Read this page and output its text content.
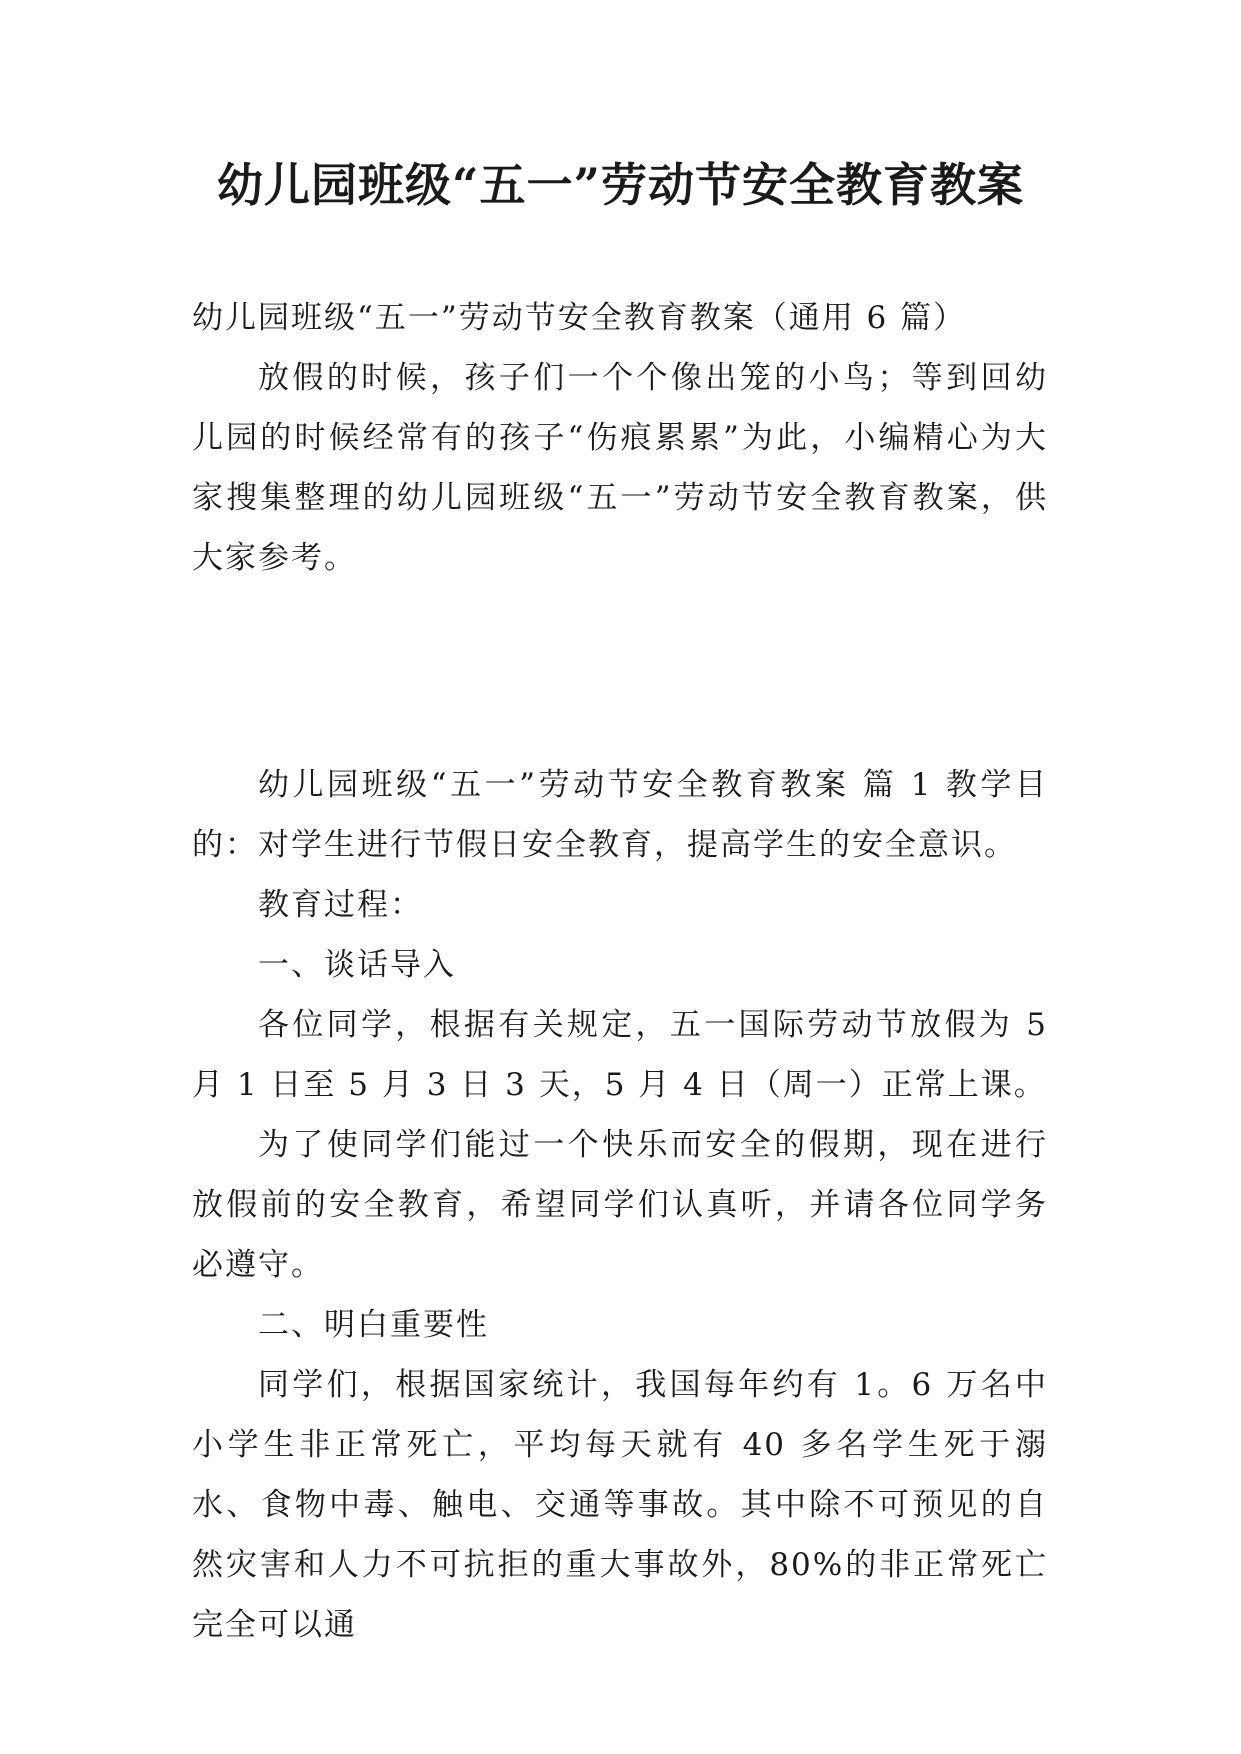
幼儿园班级“五一”劳动节安全教育教案

幼儿园班级“五一”劳动节安全教育教案（通用 6 篇）

放假的时候，孩子们一个个像出笼的小鸟；等到回幼儿园的时候经常有的孩子“伤痕累累”为此，小编精心为大家搜集整理的幼儿园班级“五一”劳动节安全教育教案，供大家参考。

幼儿园班级“五一”劳动节安全教育教案 篇 1 教学目的：对学生进行节假日安全教育，提高学生的安全意识。

教育过程：

一、谈话导入

各位同学，根据有关规定，五一国际劳动节放假为 5 月 1 日至 5 月 3 日 3 天，5 月 4 日（周一）正常上课。

为了使同学们能过一个快乐而安全的假期，现在进行放假前的安全教育，希望同学们认真听，并请各位同学务必遵守。

二、明白重要性

同学们，根据国家统计，我国每年约有 1。6 万名中小学生非正常死亡，平均每天就有 40 多名学生死于溺水、食物中毒、触电、交通等事故。其中除不可预见的自然灾害和人力不可抗拒的重大事故外，80%的非正常死亡完全可以通
